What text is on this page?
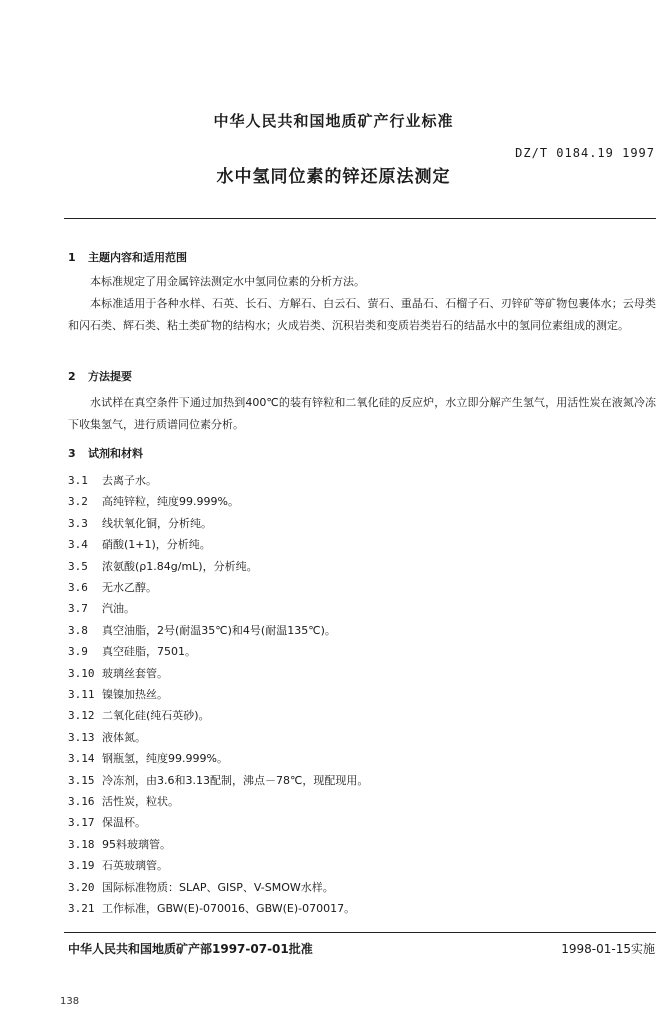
中华人民共和国地质矿产行业标准
DZ/T 0184.19 1997
水中氢同位素的锌还原法测定
1 主题内容和适用范围
本标准规定了用金属锌法测定水中氢同位素的分析方法。
本标准适用于各种水样、石英、长石、方解石、白云石、萤石、重晶石、石榴子石、刃锌矿等矿物包裹体水；云母类和闪石类、辉石类、粘土类矿物的结构水；火成岩类、沉积岩类和变质岩类岩石的结晶水中的氢同位素组成的测定。
2 方法提要
水试样在真空条件下通过加热到400℃的装有锌粒和二氧化硅的反应炉，水立即分解产生氢气，用活性炭在液氮冷冻下收集氢气，进行质谱同位素分析。
3 试剂和材料
3.1 去离子水。
3.2 高纯锌粒，纯度99.999%。
3.3 线状氧化铜，分析纯。
3.4 硝酸(1+1)，分析纯。
3.5 浓氨酸(ρ1.84g/mL)，分析纯。
3.6 无水乙醇。
3.7 汽油。
3.8 真空油脂，2号(耐温35℃)和4号(耐温135℃)。
3.9 真空硅脂，7501。
3.10 玻璃丝套管。
3.11 镍镍加热丝。
3.12 二氧化硅(纯石英砂)。
3.13 液体氮。
3.14 钢瓶氢，纯度99.999%。
3.15 冷冻剂，由3.6和3.13配制，沸点－78℃，现配现用。
3.16 活性炭，粒状。
3.17 保温杯。
3.18 95料玻璃管。
3.19 石英玻璃管。
3.20 国际标准物质：SLAP、GISP、V-SMOW水样。
中华人民共和国地质矿产部1997-07-01批准	1998-01-15实施
138
3.21 工作标准，GBW(E)-070016、GBW(E)-070017。
